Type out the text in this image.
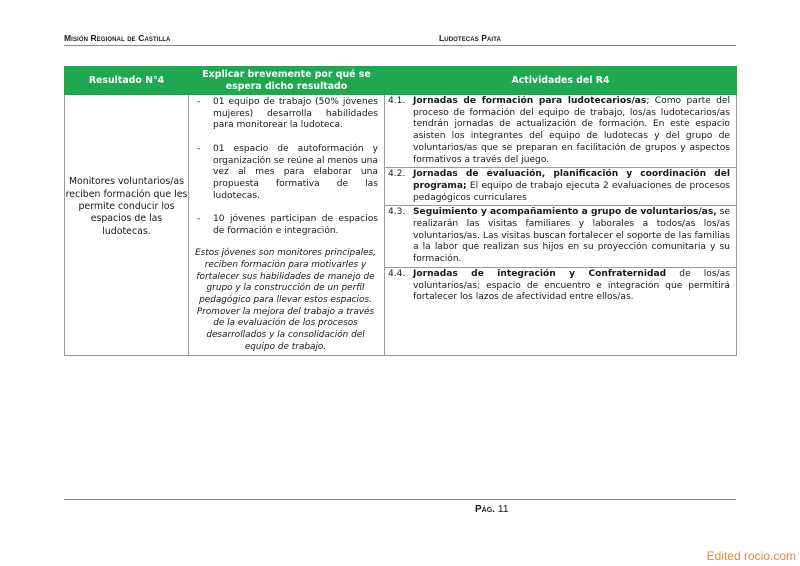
Misión Regional de Castilla	Ludotecas Paita
Resultado N°4	Explicar brevemente por qué se espera dicho resultado	Actividades del R4

Monitores voluntarios/as reciben formación que les permite conducir los espacios de las ludotecas.

-	01 equipo de trabajo (50% jóvenes mujeres) desarrolla habilidades para monitorear la ludoteca.
-	01 espacio de autoformación y organización se reúne al menos una vez al mes para elaborar una propuesta formativa de las ludotecas.
-	10 jóvenes participan de espacios de formación e integración.
Estos jóvenes son monitores principales, reciben formación para motivarles y fortalecer sus habilidades de manejo de grupo y la construcción de un perfil pedagógico para llevar estos espacios. Promover la mejora del trabajo a través de la evaluación de los procesos desarrollados y la consolidación del equipo de trabajo.

4.1. Jornadas de formación para ludotecarios/as; Como parte del proceso de formación del equipo de trabajo, los/as ludotecarios/as tendrán jornadas de actualización de formación. En este espacio asisten los integrantes del equipo de ludotecas y del grupo de voluntarios/as que se preparan en facilitación de grupos y aspectos formativos a través del juego.
4.2. Jornadas de evaluación, planificación y coordinación del programa; El equipo de trabajo ejecuta 2 evaluaciones de procesos pedagógicos curriculares
4.3. Seguimiento y acompañamiento a grupo de voluntarios/as, se realizarán las visitas familiares y laborales a todos/as los/as voluntarios/as. Las visitas buscan fortalecer el soporte de las familias a la labor que realizan sus hijos en su proyección comunitaria y su formación.
4.4. Jornadas de integración y Confraternidad de los/as voluntarios/as; espacio de encuentro e integración que permitirá fortalecer los lazos de afectividad entre ellos/as.
Pág. 11
Edited rocio.com
